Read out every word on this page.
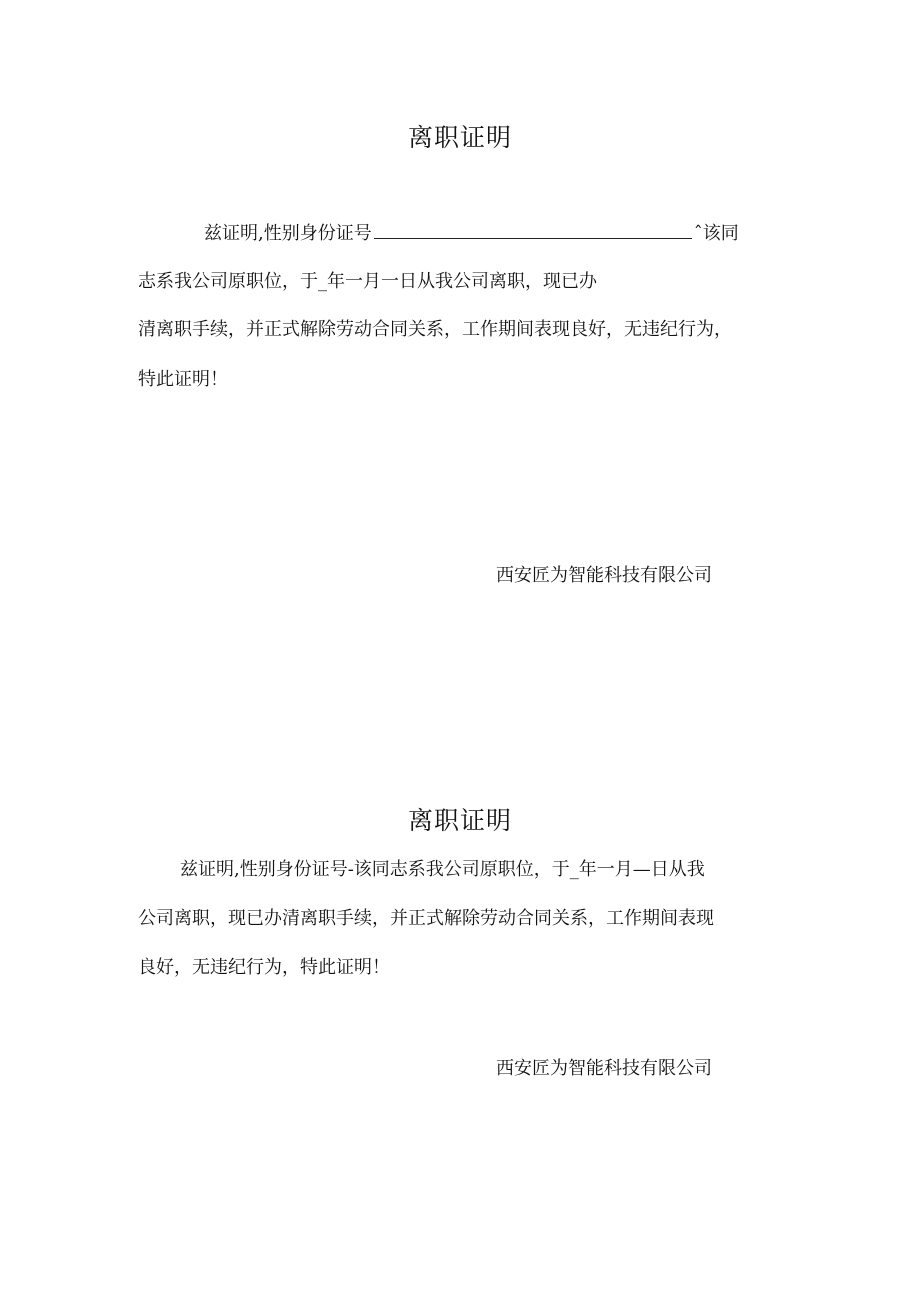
离职证明
兹证明,性别身份证号	ˆ该同
志系我公司原职位，于_年一月一日从我公司离职，现已办
清离职手续，并正式解除劳动合同关系，工作期间表现良好，无违纪行为，
特此证明！
西安匠为智能科技有限公司
离职证明
兹证明,性别身份证号-该同志系我公司原职位，于_年一月—日从我
公司离职，现已办清离职手续，并正式解除劳动合同关系，工作期间表现
良好，无违纪行为，特此证明！
西安匠为智能科技有限公司
